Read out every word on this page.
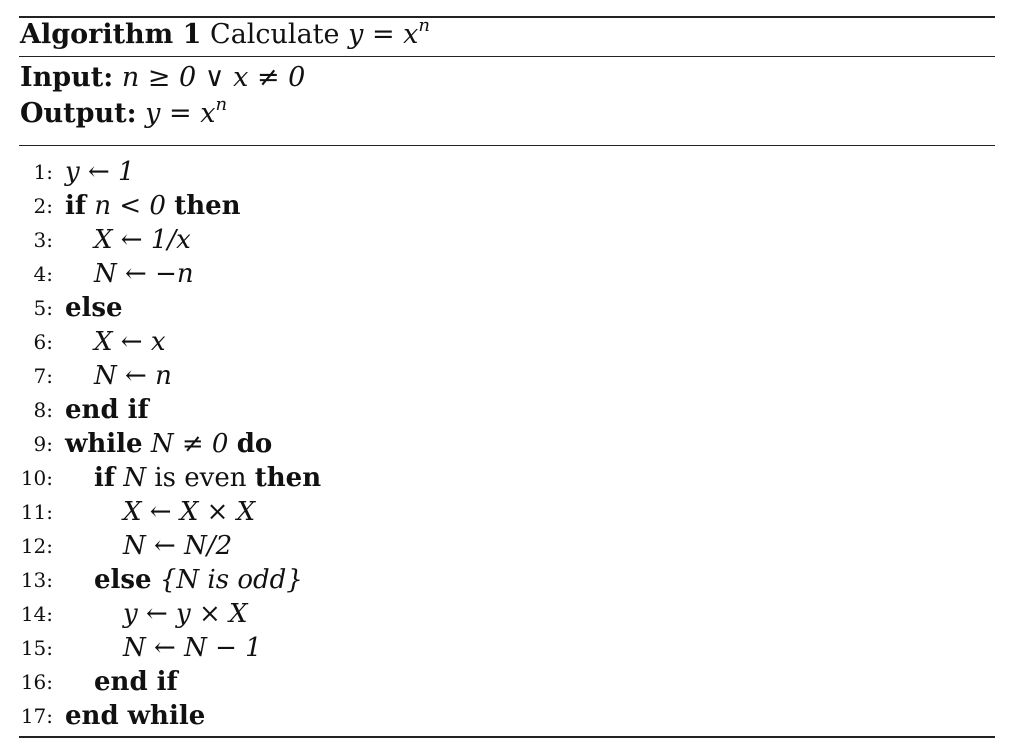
Algorithm 1 Calculate $y = x^n$
Input: n ≥ 0 ∨ x ≠ 0
Output: $y = x^n$
1: y ← 1
2: if n < 0 then
3: X ← 1/x
4: N ← −n
5: else
6: X ← x
7: N ← n
8: end if
9: while N ≠ 0 do
10: if N is even then
11:	X ← X × X
12:	N ← N/2
13: else {N is odd}
14:	y ← y × X
15:	N ← N − 1
16: end if
17: end while
